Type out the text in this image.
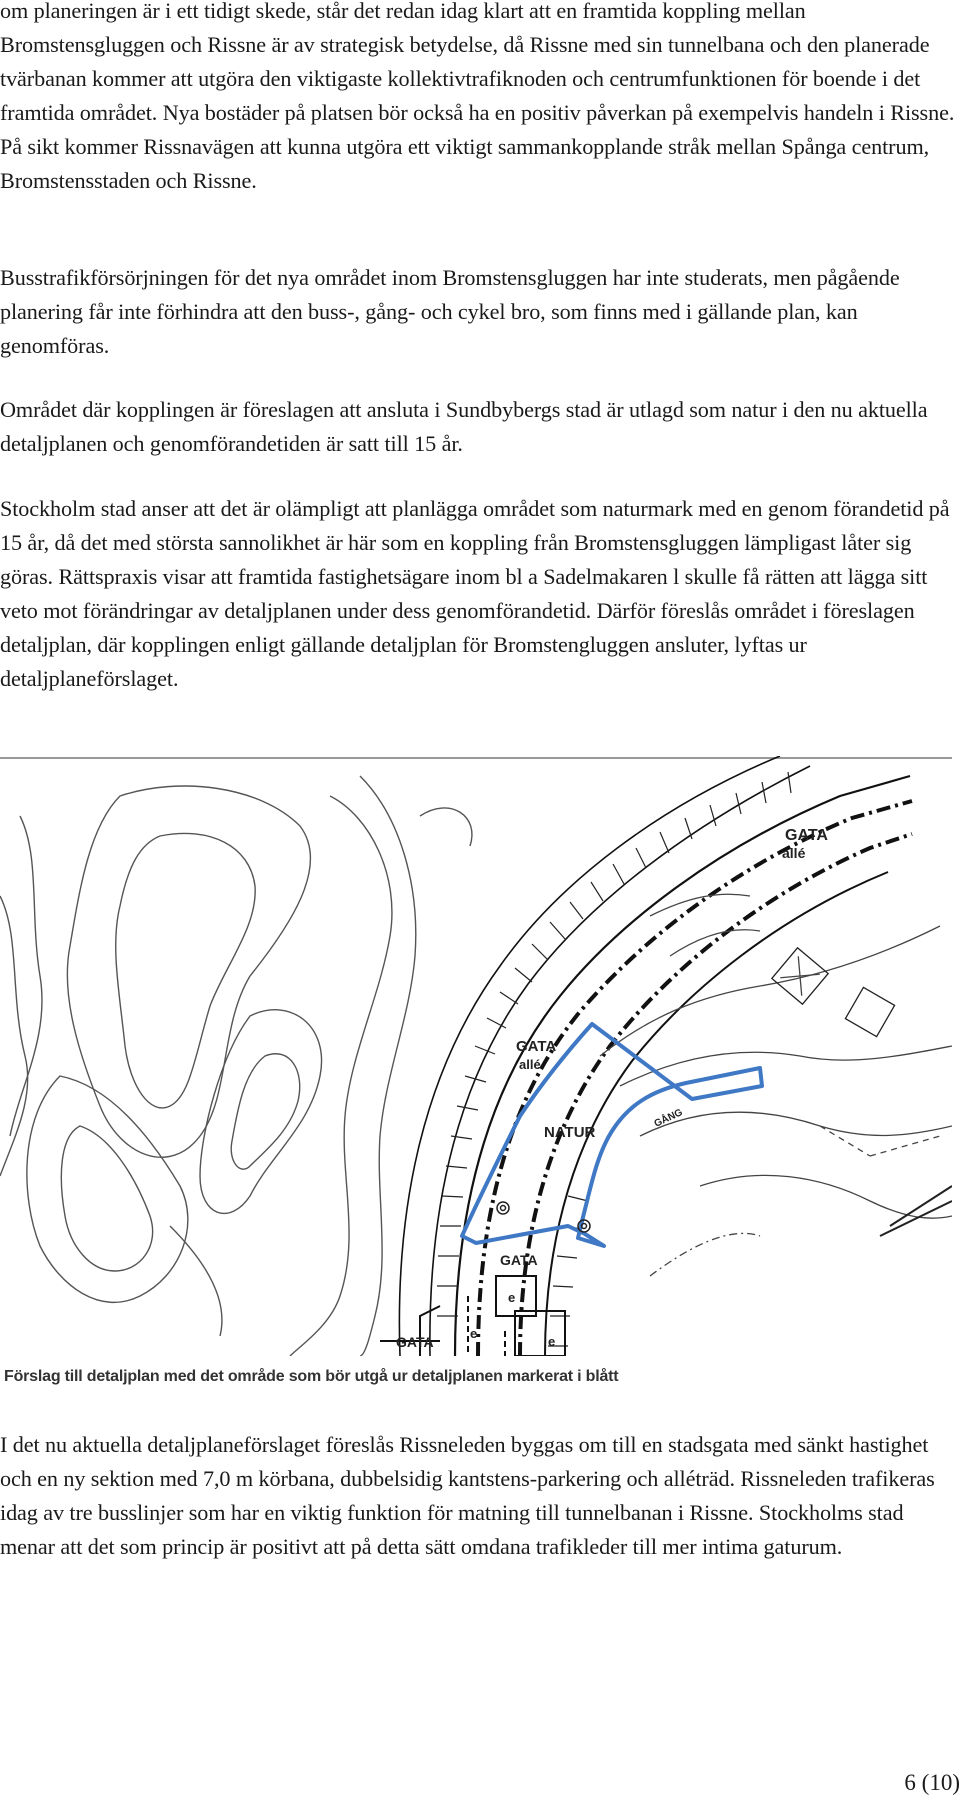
om planeringen är i ett tidigt skede, står det redan idag klart att en framtida koppling mellan Bromstensgluggen och Rissne är av strategisk betydelse, då Rissne med sin tunnelbana och den planerade tvärbanan kommer att utgöra den viktigaste kollektivtrafiknoden och centrumfunktionen för boende i det framtida området. Nya bostäder på platsen bör också ha en positiv påverkan på exempelvis handeln i Rissne. På sikt kommer Rissnavägen att kunna utgöra ett viktigt sammankopplande stråk mellan Spånga centrum, Bromstensstaden och Rissne.

Busstrafikförsörjningen för det nya området inom Bromstensgluggen har inte studerats, men pågående planering får inte förhindra att den buss-, gång- och cykel bro, som finns med i gällande plan, kan genomföras.

Området där kopplingen är föreslagen att ansluta i Sundbybergs stad är utlagd som natur i den nu aktuella detaljplanen och genomförandetiden är satt till 15 år.

Stockholm stad anser att det är olämpligt att planlägga området som naturmark med en genom förandetid på 15 år, då det med största sannolikhet är här som en koppling från Bromstensgluggen lämpligast låter sig göras. Rättspraxis visar att framtida fastighetsägare inom bl a Sadelmakaren l skulle få rätten att lägga sitt veto mot förändringar av detaljplanen under dess genomförandetid. Därför föreslås området i föreslagen detaljplan, där kopplingen enligt gällande detaljplan för Bromstengluggen ansluter, lyftas ur detaljplaneförslaget.

GATA
allé
GATA
allé
NATUR
GÅNG
GATA
GATA
e
e
e
Förslag till detaljplan med det område som bör utgå ur detaljplanen markerat i blått

I det nu aktuella detaljplaneförslaget föreslås Rissneleden byggas om till en stadsgata med sänkt hastighet och en ny sektion med 7,0 m körbana, dubbelsidig kantstens-parkering och alléträd. Rissneleden trafikeras idag av tre busslinjer som har en viktig funktion för matning till tunnelbanan i Rissne. Stockholms stad menar att det som princip är positivt att på detta sätt omdana trafikleder till mer intima gaturum.

6 (10)
